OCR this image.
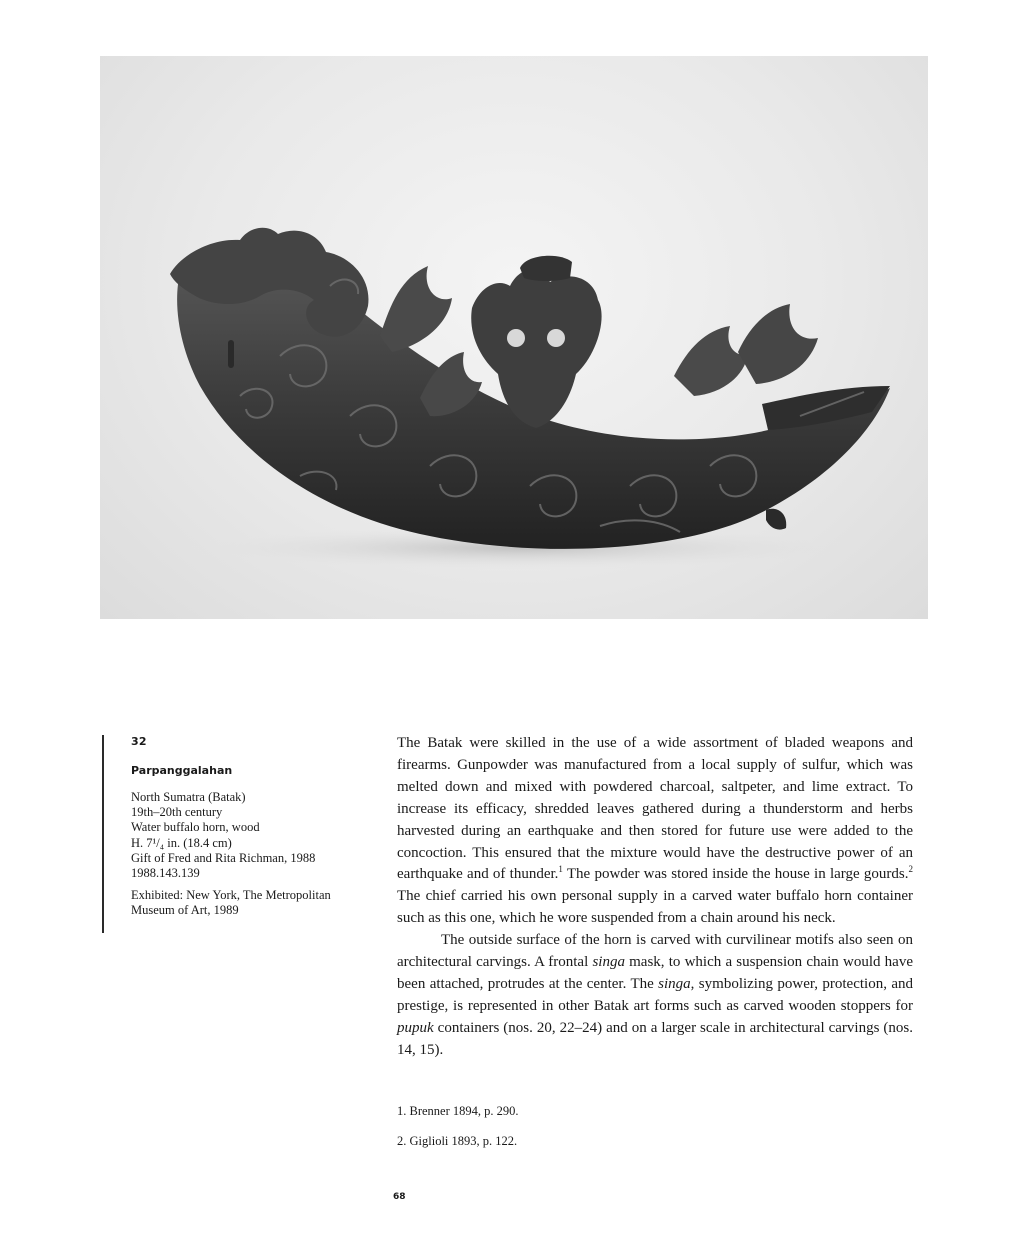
32

Parpanggalahan

North Sumatra (Batak)

19th–20th century

Water buffalo horn, wood

H. 7¹/₄ in. (18.4 cm)

Gift of Fred and Rita Richman, 1988

1988.143.139

Exhibited: New York, The Metropolitan

Museum of Art, 1989

The Batak were skilled in the use of a wide assortment of bladed weapons and firearms. Gunpowder was manufactured from a local supply of sulfur, which was melted down and mixed with powdered charcoal, saltpeter, and lime extract. To increase its efficacy, shredded leaves gathered during a thunderstorm and herbs harvested during an earthquake and then stored for future use were added to the concoction. This ensured that the mixture would have the destructive power of an earthquake and of thunder.$^1$ The powder was stored inside the house in large gourds.$^2$ The chief carried his own personal supply in a carved water buffalo horn container such as this one, which he wore suspended from a chain around his neck.

The outside surface of the horn is carved with curvilinear motifs also seen on architectural carvings. A frontal singa mask, to which a suspension chain would have been attached, protrudes at the center. The singa, symbolizing power, protection, and prestige, is represented in other Batak art forms such as carved wooden stoppers for pupuk containers (nos. 20, 22–24) and on a larger scale in architectural carvings (nos. 14, 15).

1. Brenner 1894, p. 290.

2. Giglioli 1893, p. 122.

68
